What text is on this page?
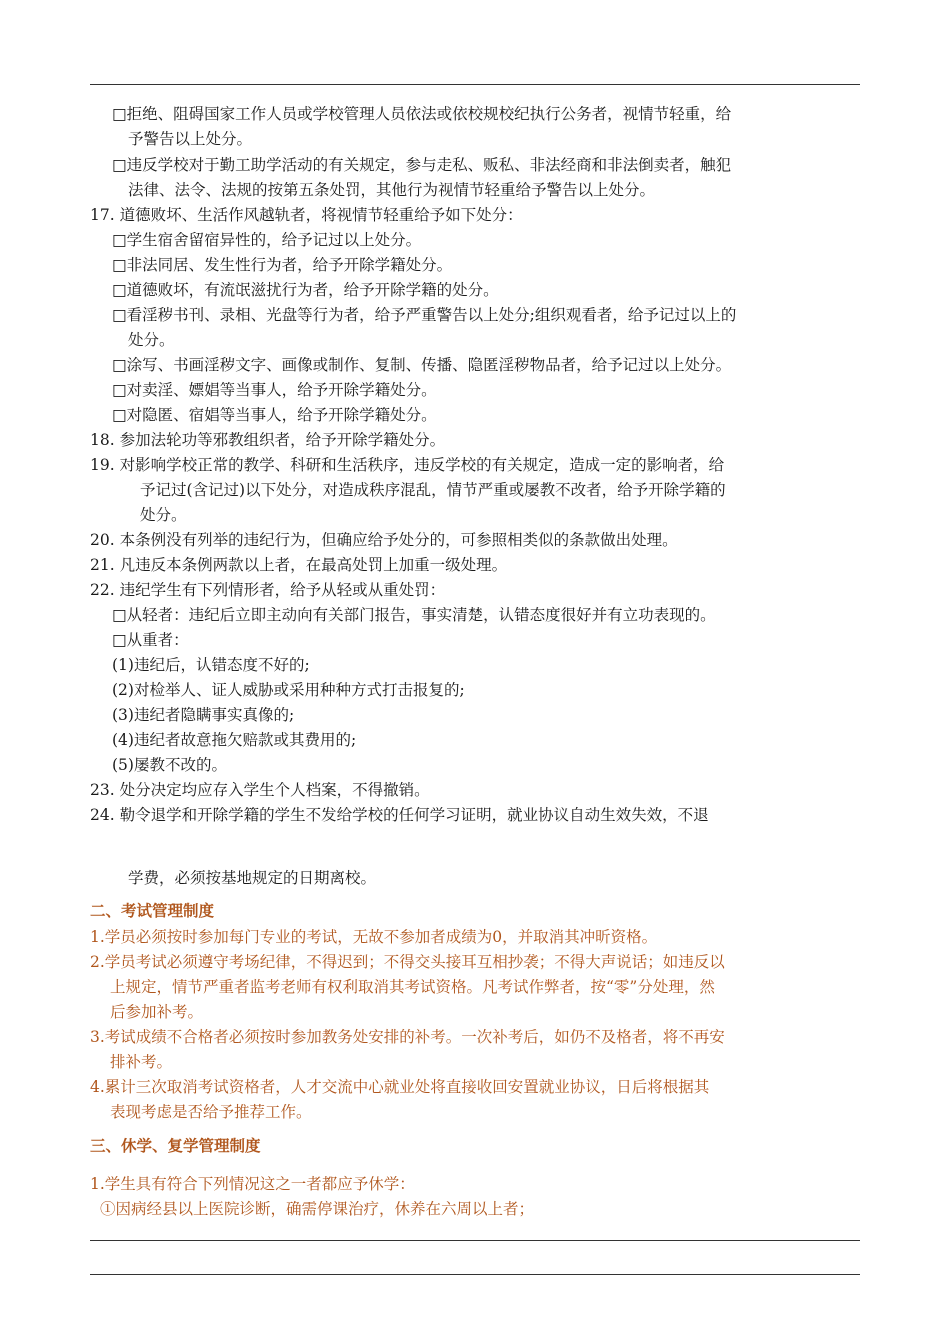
□拒绝、阻碍国家工作人员或学校管理人员依法或依校规校纪执行公务者，视情节轻重，给
予警告以上处分。
□违反学校对于勤工助学活动的有关规定，参与走私、贩私、非法经商和非法倒卖者，触犯
法律、法令、法规的按第五条处罚，其他行为视情节轻重给予警告以上处分。
17. 道德败坏、生活作风越轨者，将视情节轻重给予如下处分：
□学生宿舍留宿异性的，给予记过以上处分。
□非法同居、发生性行为者，给予开除学籍处分。
□道德败坏，有流氓滋扰行为者，给予开除学籍的处分。
□看淫秽书刊、录相、光盘等行为者，给予严重警告以上处分;组织观看者，给予记过以上的
处分。
□涂写、书画淫秽文字、画像或制作、复制、传播、隐匿淫秽物品者，给予记过以上处分。
□对卖淫、嫖娼等当事人，给予开除学籍处分。
□对隐匿、宿娼等当事人，给予开除学籍处分。
18. 参加法轮功等邪教组织者，给予开除学籍处分。
19. 对影响学校正常的教学、科研和生活秩序，违反学校的有关规定，造成一定的影响者，给
予记过(含记过)以下处分，对造成秩序混乱，情节严重或屡教不改者，给予开除学籍的
处分。
20. 本条例没有列举的违纪行为，但确应给予处分的，可参照相类似的条款做出处理。
21. 凡违反本条例两款以上者，在最高处罚上加重一级处理。
22. 违纪学生有下列情形者，给予从轻或从重处罚：
□从轻者：违纪后立即主动向有关部门报告，事实清楚，认错态度很好并有立功表现的。
□从重者：
(1)违纪后，认错态度不好的;
(2)对检举人、证人威胁或采用种种方式打击报复的;
(3)违纪者隐瞒事实真像的;
(4)违纪者故意拖欠赔款或其费用的;
(5)屡教不改的。
23. 处分决定均应存入学生个人档案，不得撤销。
24. 勒令退学和开除学籍的学生不发给学校的任何学习证明，就业协议自动生效失效，不退
学费，必须按基地规定的日期离校。
二、考试管理制度
1.学员必须按时参加每门专业的考试，无故不参加者成绩为0，并取消其冲昕资格。
2.学员考试必须遵守考场纪律，不得迟到；不得交头接耳互相抄袭；不得大声说话；如违反以
上规定，情节严重者监考老师有权利取消其考试资格。凡考试作弊者，按“零”分处理，然
后参加补考。
3.考试成绩不合格者必须按时参加教务处安排的补考。一次补考后，如仍不及格者，将不再安
排补考。
4.累计三次取消考试资格者，人才交流中心就业处将直接收回安置就业协议，日后将根据其
表现考虑是否给予推荐工作。
三、休学、复学管理制度
1.学生具有符合下列情况这之一者都应予休学：
①因病经县以上医院诊断，确需停课治疗，休养在六周以上者；
